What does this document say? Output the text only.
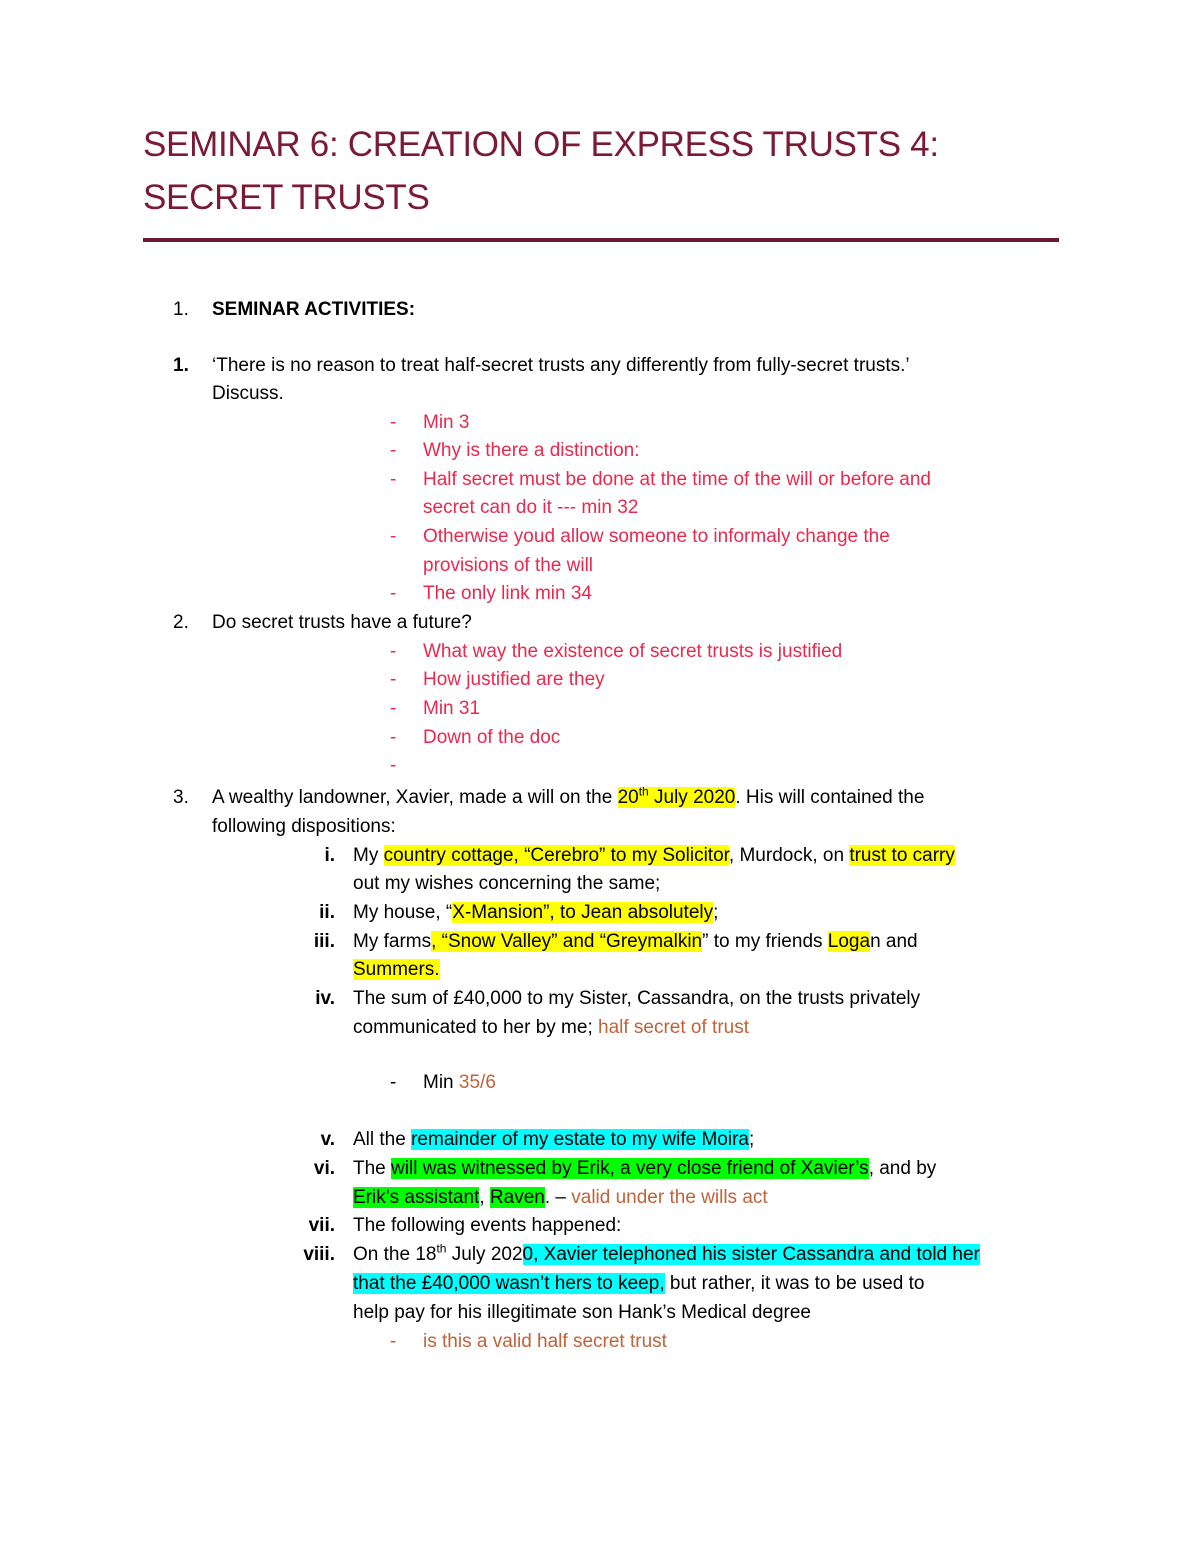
SEMINAR 6: CREATION OF EXPRESS TRUSTS 4: SECRET TRUSTS
1. SEMINAR ACTIVITIES:
1. ‘There is no reason to treat half-secret trusts any differently from fully-secret trusts.’
Discuss.
- Min 3
- Why is there a distinction:
- Half secret must be done at the time of the will or before and
secret can do it --- min 32
- Otherwise youd allow someone to informaly change the
provisions of the will
- The only link min 34
2. Do secret trusts have a future?
- What way the existence of secret trusts is justified
- How justified are they
- Min 31
- Down of the doc
-
3. A wealthy landowner, Xavier, made a will on the 20th July 2020. His will contained the
following dispositions:
i. My country cottage, “Cerebro” to my Solicitor, Murdock, on trust to carry
out my wishes concerning the same;
ii. My house, “X-Mansion”, to Jean absolutely;
iii. My farms, “Snow Valley” and “Greymalkin” to my friends Logan and
Summers.
iv. The sum of £40,000 to my Sister, Cassandra, on the trusts privately
communicated to her by me; half secret of trust
- Min 35/6
v. All the remainder of my estate to my wife Moira;
vi. The will was witnessed by Erik, a very close friend of Xavier’s, and by
Erik’s assistant, Raven. – valid under the wills act
vii. The following events happened:
viii. On the 18th July 2020, Xavier telephoned his sister Cassandra and told her
that the £40,000 wasn’t hers to keep, but rather, it was to be used to
help pay for his illegitimate son Hank’s Medical degree
- is this a valid half secret trust
